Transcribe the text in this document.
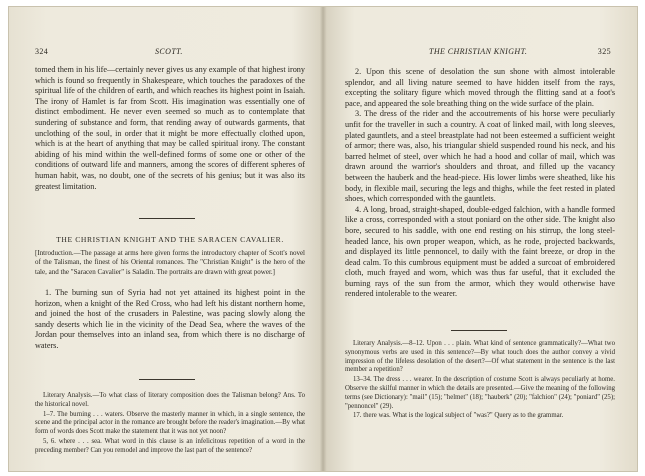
324	SCOTT.

tomed them in his life—certainly never gives us any example of that highest irony which is found so frequently in Shakespeare, which touches the paradoxes of the spiritual life of the children of earth, and which reaches its highest point in Isaiah. The irony of Hamlet is far from Scott. His imagination was essentially one of distinct embodiment. He never even seemed so much as to contemplate that sundering of substance and form, that rending away of outwards garments, that unclothing of the soul, in order that it might be more effectually clothed upon, which is at the heart of anything that may be called spiritual irony. The constant abiding of his mind within the well-defined forms of some one or other of the conditions of outward life and manners, among the scores of different spheres of human habit, was, no doubt, one of the secrets of his genius; but it was also its greatest limitation.

THE CHRISTIAN KNIGHT AND THE SARACEN CAVALIER.
[Introduction.—The passage at arms here given forms the introductory chapter of Scott's novel of the Talisman, the finest of his Oriental romances. The "Christian Knight" is the hero of the tale, and the "Saracen Cavalier" is Saladin. The portraits are drawn with great power.]

1. The burning sun of Syria had not yet attained its highest point in the horizon, when a knight of the Red Cross, who had left his distant northern home, and joined the host of the crusaders in Palestine, was pacing slowly along the sandy deserts which lie in the vicinity of the Dead Sea, where the waves of the Jordan pour themselves into an inland sea, from which there is no discharge of waters.

Literary Analysis.—To what class of literary composition does the Talisman belong? Ans. To the historical novel.

1–7. The burning . . . waters. Observe the masterly manner in which, in a single sentence, the scene and the principal actor in the romance are brought before the reader's imagination.—By what form of words does Scott make the statement that it was not yet noon?

5, 6. where . . . sea. What word in this clause is an infelicitous repetition of a word in the preceding member? Can you remodel and improve the last part of the sentence?

THE CHRISTIAN KNIGHT.	325

2. Upon this scene of desolation the sun shone with almost intolerable splendor, and all living nature seemed to have hidden itself from the rays, excepting the solitary figure which moved through the flitting sand at a foot's pace, and appeared the sole breathing thing on the wide surface of the plain.

3. The dress of the rider and the accoutrements of his horse were peculiarly unfit for the traveller in such a country. A coat of linked mail, with long sleeves, plated gauntlets, and a steel breastplate had not been esteemed a sufficient weight of armor; there was, also, his triangular shield suspended round his neck, and his barred helmet of steel, over which he had a hood and collar of mail, which was drawn around the warrior's shoulders and throat, and filled up the vacancy between the hauberk and the head-piece. His lower limbs were sheathed, like his body, in flexible mail, securing the legs and thighs, while the feet rested in plated shoes, which corresponded with the gauntlets.

4. A long, broad, straight-shaped, double-edged falchion, with a handle formed like a cross, corresponded with a stout poniard on the other side. The knight also bore, secured to his saddle, with one end resting on his stirrup, the long steel-headed lance, his own proper weapon, which, as he rode, projected backwards, and displayed its little pennoncel, to daily with the faint breeze, or drop in the dead calm. To this cumbrous equipment must be added a surcoat of embroidered cloth, much frayed and worn, which was thus far useful, that it excluded the burning rays of the sun from the armor, which they would otherwise have rendered intolerable to the wearer.

Literary Analysis.—8–12. Upon . . . plain. What kind of sentence grammatically?—What two synonymous verbs are used in this sentence?—By what touch does the author convey a vivid impression of the lifeless desolation of the desert?—Of what statement in the sentence is the last member a repetition?

13–34. The dress . . . wearer. In the description of costume Scott is always peculiarly at home. Observe the skilful manner in which the details are presented.—Give the meaning of the following terms (see Dictionary): "mail" (15); "helmet" (18); "hauberk" (20); "falchion" (24); "poniard" (25); "pennoncel" (29).

17. there was. What is the logical subject of "was?" Query as to the grammar.
